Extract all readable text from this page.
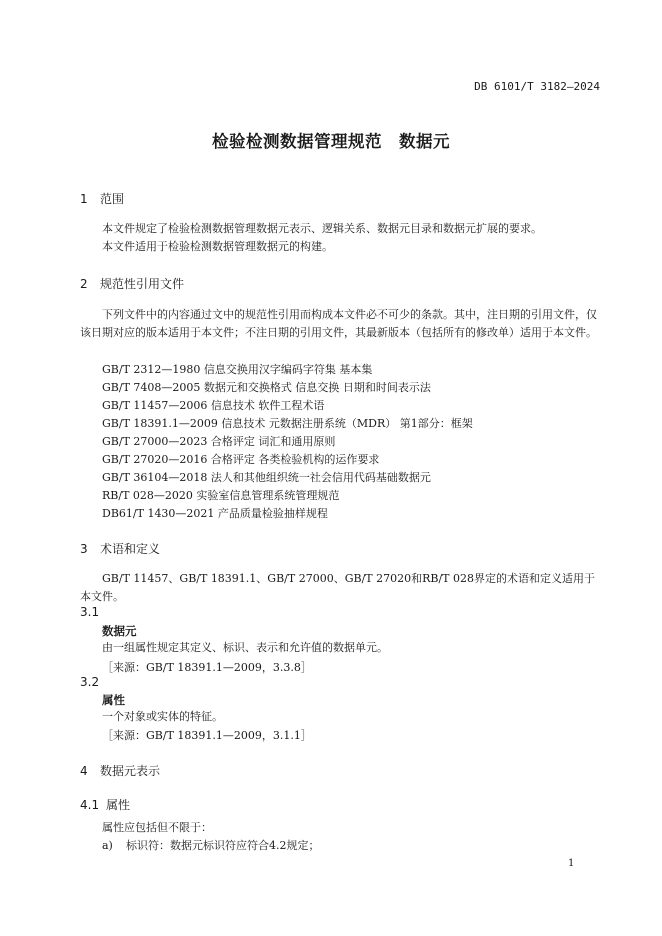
DB 6101/T 3182—2024
检验检测数据管理规范　数据元
1 范围
本文件规定了检验检测数据管理数据元表示、逻辑关系、数据元目录和数据元扩展的要求。
本文件适用于检验检测数据管理数据元的构建。
2 规范性引用文件
下列文件中的内容通过文中的规范性引用而构成本文件必不可少的条款。其中，注日期的引用文件，仅该日期对应的版本适用于本文件；不注日期的引用文件，其最新版本（包括所有的修改单）适用于本文件。
GB/T 2312—1980 信息交换用汉字编码字符集 基本集
GB/T 7408—2005 数据元和交换格式 信息交换 日期和时间表示法
GB/T 11457—2006 信息技术 软件工程术语
GB/T 18391.1—2009 信息技术 元数据注册系统（MDR） 第1部分：框架
GB/T 27000—2023 合格评定 词汇和通用原则
GB/T 27020—2016 合格评定 各类检验机构的运作要求
GB/T 36104—2018 法人和其他组织统一社会信用代码基础数据元
RB/T 028—2020 实验室信息管理系统管理规范
DB61/T 1430—2021 产品质量检验抽样规程
3 术语和定义
GB/T 11457、GB/T 18391.1、GB/T 27000、GB/T 27020和RB/T 028界定的术语和定义适用于本文件。
3.1
数据元
由一组属性规定其定义、标识、表示和允许值的数据单元。
［来源：GB/T 18391.1—2009，3.3.8］
3.2
属性
一个对象或实体的特征。
［来源：GB/T 18391.1—2009，3.1.1］
4 数据元表示
4.1 属性
属性应包括但不限于：
a) 标识符：数据元标识符应符合4.2规定；
1
